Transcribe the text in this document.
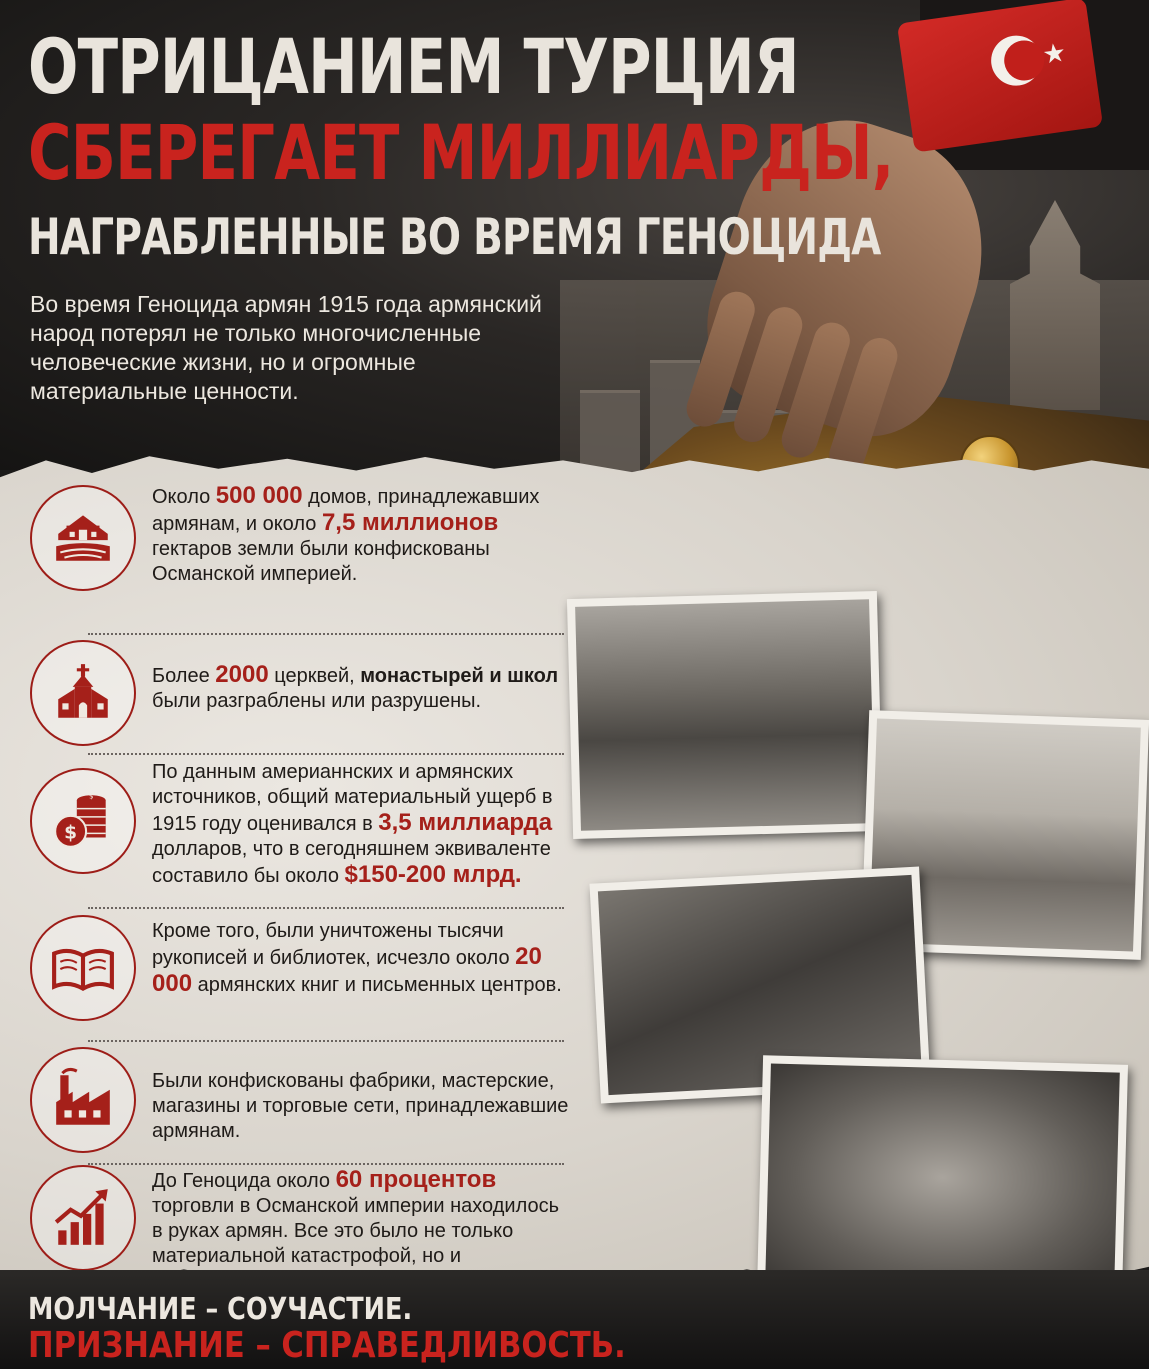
★
ОТРИЦАНИЕМ ТУРЦИЯ
СБЕРЕГАЕТ МИЛЛИАРДЫ,
НАГРАБЛЕННЫЕ ВО ВРЕМЯ ГЕНОЦИДА

Во время Геноцида армян 1915 года армянский народ потерял не только многочисленные человеческие жизни, но и огромные материальные ценности.

Около 500 000 домов, принадлежавших армянам, и около 7,5 миллионов гектаров земли были конфискованы Османской империей.

Более 2000 церквей, монастырей и школ были разграблены или разрушены.

$
$

По данным америаннских и армянских источников, общий материальный ущерб в 1915 году оценивался в 3,5 миллиарда долларов, что в сегодняшнем эквиваленте составило бы около $150-200 млрд.

Кроме того, были уничтожены тысячи рукописей и библиотек, исчезло около 20 000 армянских книг и письменных центров.

Были конфискованы фабрики, мастерские, магазины и торговые сети, принадлежавшие армянам.

До Геноцида около 60 процентов торговли в Османской империи находилось в руках армян. Все это было не только материальной катастрофой, но и

МОЛЧАНИЕ – СОУЧАСТИЕ.
ПРИЗНАНИЕ – СПРАВЕДЛИВОСТЬ.
